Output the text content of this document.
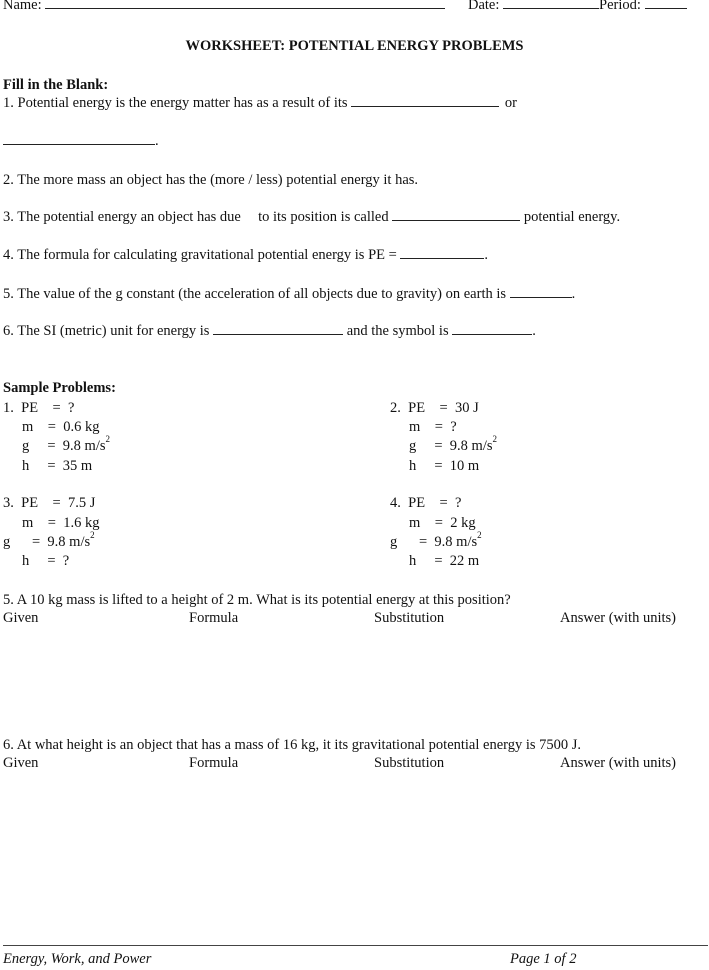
Name:	Date:	Period:
WORKSHEET: POTENTIAL ENERGY PROBLEMS
Fill in the Blank:
1. Potential energy is the energy matter has as a result of its	or
.
2. The more mass an object has the (more / less) potential energy it has.
3. The potential energy an object has due to its position is called	potential energy.
4. The formula for calculating gravitational potential energy is PE =	.
5. The value of the g constant (the acceleration of all objects due to gravity) on earth is	.
6. The SI (metric) unit for energy is	and the symbol is	.
Sample Problems:
1.  PE    =  ?
m    =  0.6 kg
g     =  9.8 $m/s^2$
h     =  35 m
2.  PE    =  30 J
m    =  ?
g     =  9.8 $m/s^2$
h     =  10 m
3.  PE    =  7.5 J
m    =  1.6 kg
g      =  9.8 $m/s^2$
h     =  ?
4.  PE    =  ?
m    =  2 kg
g      =  9.8 $m/s^2$
h     =  22 m
5. A 10 kg mass is lifted to a height of 2 m. What is its potential energy at this position?
Given	Formula	Substitution	Answer (with units)
6. At what height is an object that has a mass of 16 kg, it its gravitational potential energy is 7500 J.
Given	Formula	Substitution	Answer (with units)
Energy, Work, and Power	Page 1 of 2
